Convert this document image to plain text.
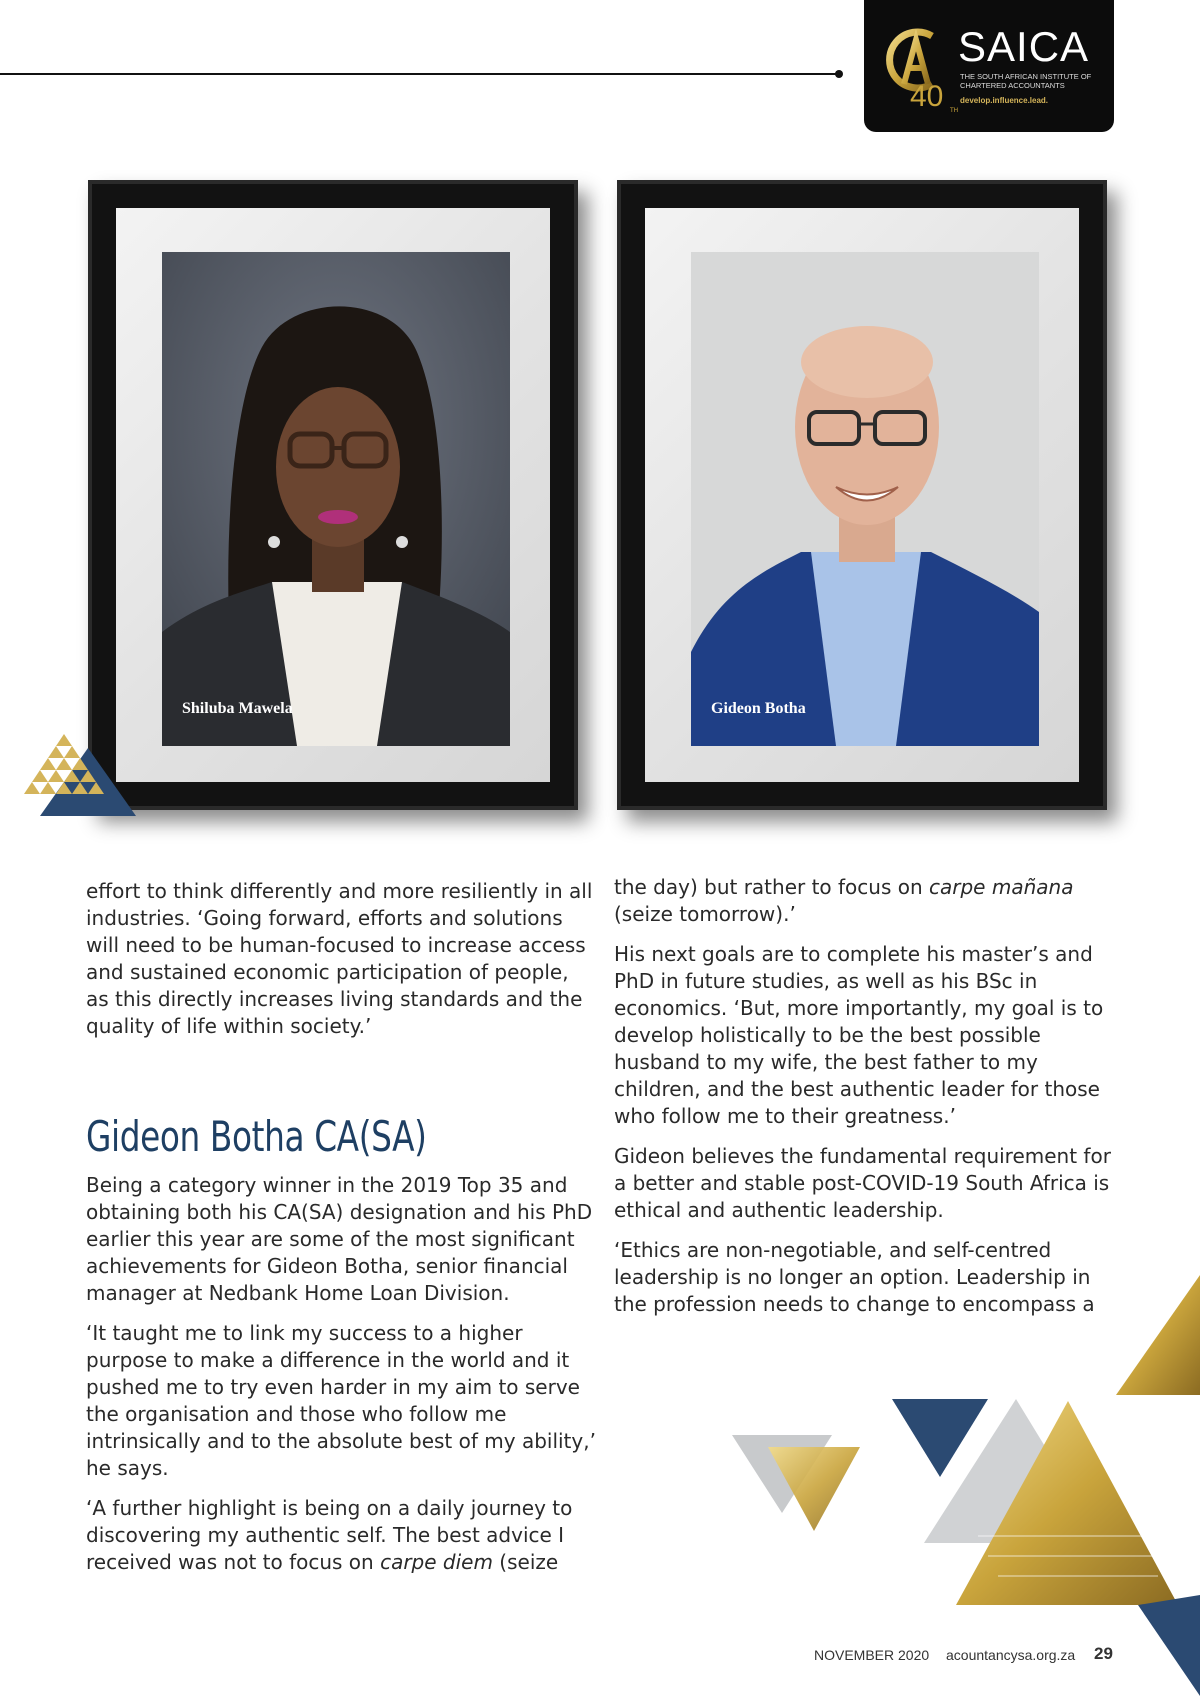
SAICA
THE SOUTH AFRICAN INSTITUTE OF CHARTERED ACCOUNTANTS
develop.influence.lead.
40 TH
Shiluba Mawela	Gideon Botha

effort to think differently and more resiliently in all industries. ‘Going forward, efforts and solutions will need to be human-focused to increase access and sustained economic participation of people, as this directly increases living standards and the quality of life within society.’

Gideon Botha CA(SA)

Being a category winner in the 2019 Top 35 and obtaining both his CA(SA) designation and his PhD earlier this year are some of the most significant achievements for Gideon Botha, senior financial manager at Nedbank Home Loan Division.

‘It taught me to link my success to a higher purpose to make a difference in the world and it pushed me to try even harder in my aim to serve the organisation and those who follow me intrinsically and to the absolute best of my ability,’ he says.

‘A further highlight is being on a daily journey to discovering my authentic self. The best advice I received was not to focus on carpe diem (seize

the day) but rather to focus on carpe mañana (seize tomorrow).’

His next goals are to complete his master’s and PhD in future studies, as well as his BSc in economics. ‘But, more importantly, my goal is to develop holistically to be the best possible husband to my wife, the best father to my children, and the best authentic leader for those who follow me to their greatness.’

Gideon believes the fundamental requirement for a better and stable post-COVID-19 South Africa is ethical and authentic leadership.

‘Ethics are non-negotiable, and self-centred leadership is no longer an option. Leadership in the profession needs to change to encompass a

NOVEMBER 2020 acountancysa.org.za 29
